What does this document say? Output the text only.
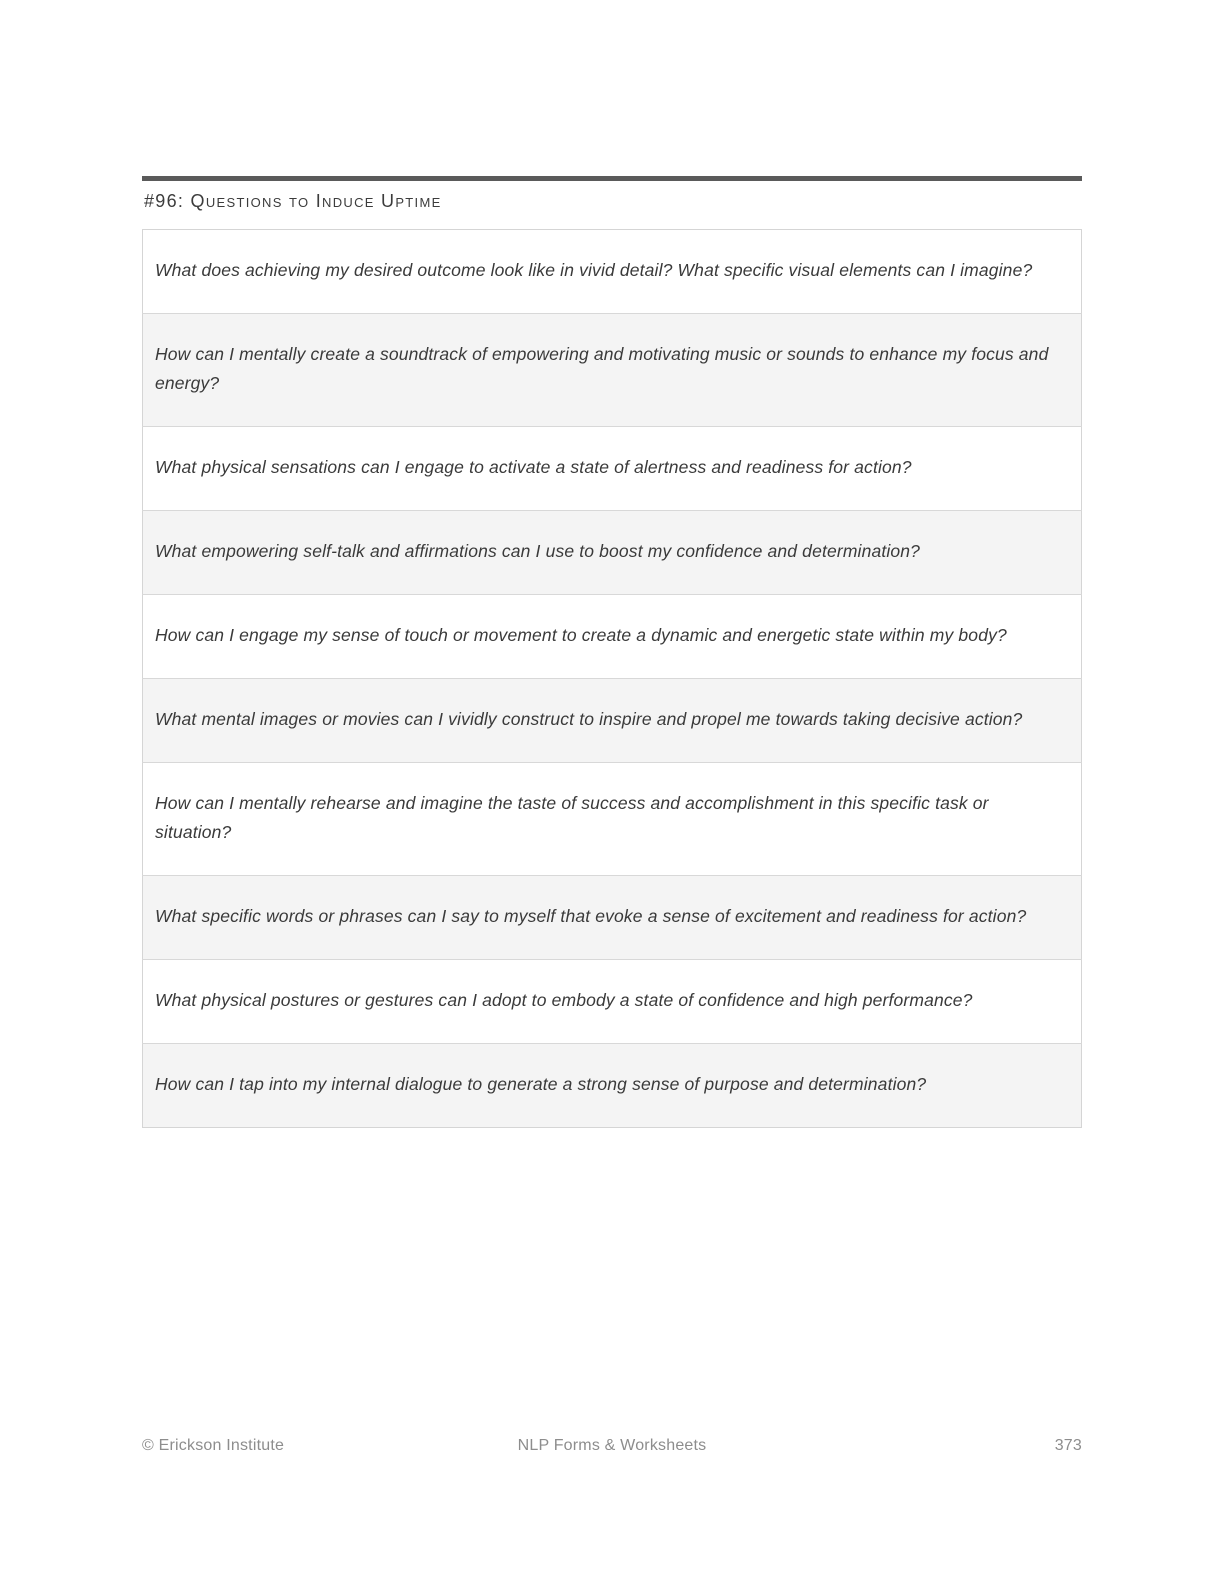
#96: Questions to Induce Uptime

What does achieving my desired outcome look like in vivid detail? What specific visual elements can I imagine?

How can I mentally create a soundtrack of empowering and motivating music or sounds to enhance my focus and energy?

What physical sensations can I engage to activate a state of alertness and readiness for action?

What empowering self-talk and affirmations can I use to boost my confidence and determination?

How can I engage my sense of touch or movement to create a dynamic and energetic state within my body?

What mental images or movies can I vividly construct to inspire and propel me towards taking decisive action?

How can I mentally rehearse and imagine the taste of success and accomplishment in this specific task or situation?

What specific words or phrases can I say to myself that evoke a sense of excitement and readiness for action?

What physical postures or gestures can I adopt to embody a state of confidence and high performance?

How can I tap into my internal dialogue to generate a strong sense of purpose and determination?

© Erickson Institute	NLP Forms & Worksheets	373
